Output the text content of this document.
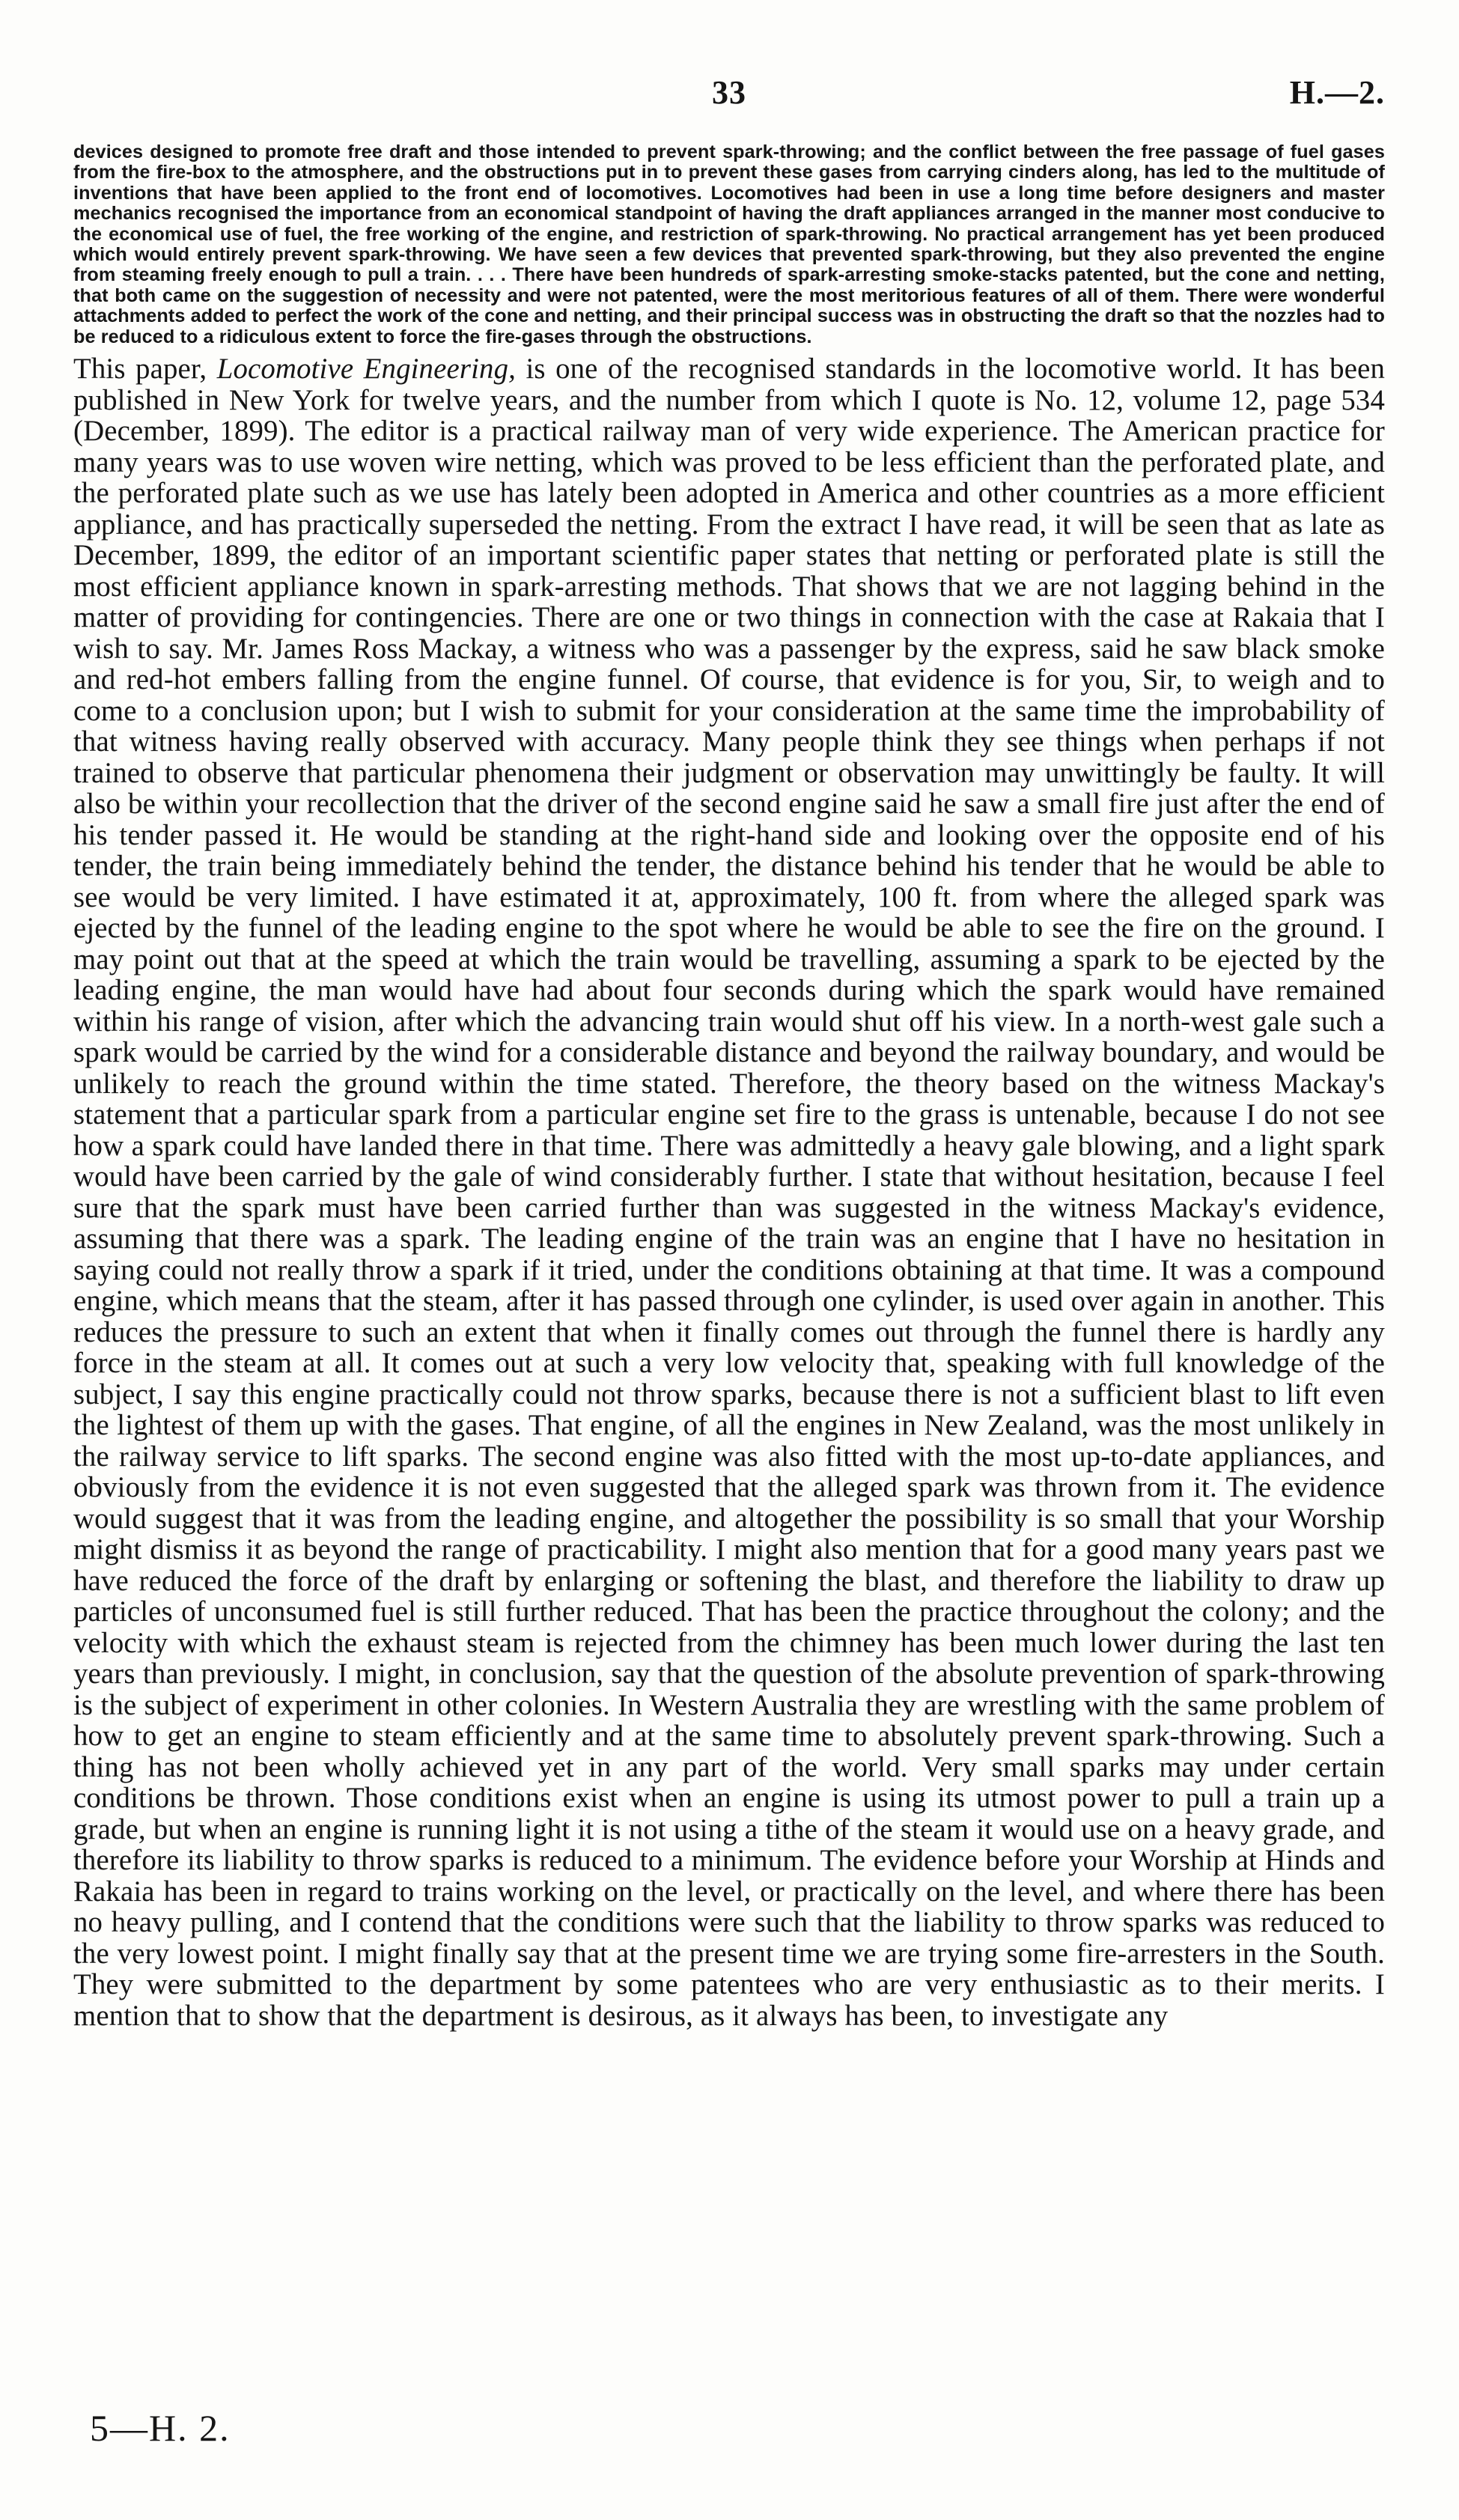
33	H.—2.

devices designed to promote free draft and those intended to prevent spark-throwing; and the conflict between the free passage of fuel gases from the fire-box to the atmosphere, and the obstructions put in to prevent these gases from carrying cinders along, has led to the multitude of inventions that have been applied to the front end of locomotives. Locomotives had been in use a long time before designers and master mechanics recognised the importance from an economical standpoint of having the draft appliances arranged in the manner most conducive to the economical use of fuel, the free working of the engine, and restriction of spark-throwing. No practical arrangement has yet been produced which would entirely prevent spark-throwing. We have seen a few devices that prevented spark-throwing, but they also prevented the engine from steaming freely enough to pull a train. . . . There have been hundreds of spark-arresting smoke-stacks patented, but the cone and netting, that both came on the suggestion of necessity and were not patented, were the most meritorious features of all of them. There were wonderful attachments added to perfect the work of the cone and netting, and their principal success was in obstructing the draft so that the nozzles had to be reduced to a ridiculous extent to force the fire-gases through the obstructions.

This paper, Locomotive Engineering, is one of the recognised standards in the locomotive world. It has been published in New York for twelve years, and the number from which I quote is No. 12, volume 12, page 534 (December, 1899). The editor is a practical railway man of very wide experience. The American practice for many years was to use woven wire netting, which was proved to be less efficient than the perforated plate, and the perforated plate such as we use has lately been adopted in America and other countries as a more efficient appliance, and has practically superseded the netting. From the extract I have read, it will be seen that as late as December, 1899, the editor of an important scientific paper states that netting or perforated plate is still the most efficient appliance known in spark-arresting methods. That shows that we are not lagging behind in the matter of providing for contingencies. There are one or two things in connection with the case at Rakaia that I wish to say. Mr. James Ross Mackay, a witness who was a passenger by the express, said he saw black smoke and red-hot embers falling from the engine funnel. Of course, that evidence is for you, Sir, to weigh and to come to a conclusion upon; but I wish to submit for your consideration at the same time the improbability of that witness having really observed with accuracy. Many people think they see things when perhaps if not trained to observe that particular phenomena their judgment or observation may unwittingly be faulty. It will also be within your recollection that the driver of the second engine said he saw a small fire just after the end of his tender passed it. He would be standing at the right-hand side and looking over the opposite end of his tender, the train being immediately behind the tender, the distance behind his tender that he would be able to see would be very limited. I have estimated it at, approximately, 100 ft. from where the alleged spark was ejected by the funnel of the leading engine to the spot where he would be able to see the fire on the ground. I may point out that at the speed at which the train would be travelling, assuming a spark to be ejected by the leading engine, the man would have had about four seconds during which the spark would have remained within his range of vision, after which the advancing train would shut off his view. In a north-west gale such a spark would be carried by the wind for a considerable distance and beyond the railway boundary, and would be unlikely to reach the ground within the time stated. Therefore, the theory based on the witness Mackay's statement that a particular spark from a particular engine set fire to the grass is untenable, because I do not see how a spark could have landed there in that time. There was admittedly a heavy gale blowing, and a light spark would have been carried by the gale of wind considerably further. I state that without hesitation, because I feel sure that the spark must have been carried further than was suggested in the witness Mackay's evidence, assuming that there was a spark. The leading engine of the train was an engine that I have no hesitation in saying could not really throw a spark if it tried, under the conditions obtaining at that time. It was a compound engine, which means that the steam, after it has passed through one cylinder, is used over again in another. This reduces the pressure to such an extent that when it finally comes out through the funnel there is hardly any force in the steam at all. It comes out at such a very low velocity that, speaking with full knowledge of the subject, I say this engine practically could not throw sparks, because there is not a sufficient blast to lift even the lightest of them up with the gases. That engine, of all the engines in New Zealand, was the most unlikely in the railway service to lift sparks. The second engine was also fitted with the most up-to-date appliances, and obviously from the evidence it is not even suggested that the alleged spark was thrown from it. The evidence would suggest that it was from the leading engine, and altogether the possibility is so small that your Worship might dismiss it as beyond the range of practicability. I might also mention that for a good many years past we have reduced the force of the draft by enlarging or softening the blast, and therefore the liability to draw up particles of unconsumed fuel is still further reduced. That has been the practice throughout the colony; and the velocity with which the exhaust steam is rejected from the chimney has been much lower during the last ten years than previously. I might, in conclusion, say that the question of the absolute prevention of spark-throwing is the subject of experiment in other colonies. In Western Australia they are wrestling with the same problem of how to get an engine to steam efficiently and at the same time to absolutely prevent spark-throwing. Such a thing has not been wholly achieved yet in any part of the world. Very small sparks may under certain conditions be thrown. Those conditions exist when an engine is using its utmost power to pull a train up a grade, but when an engine is running light it is not using a tithe of the steam it would use on a heavy grade, and therefore its liability to throw sparks is reduced to a minimum. The evidence before your Worship at Hinds and Rakaia has been in regard to trains working on the level, or practically on the level, and where there has been no heavy pulling, and I contend that the conditions were such that the liability to throw sparks was reduced to the very lowest point. I might finally say that at the present time we are trying some fire-arresters in the South. They were submitted to the department by some patentees who are very enthusiastic as to their merits. I mention that to show that the department is desirous, as it always has been, to investigate any

5—H. 2.
